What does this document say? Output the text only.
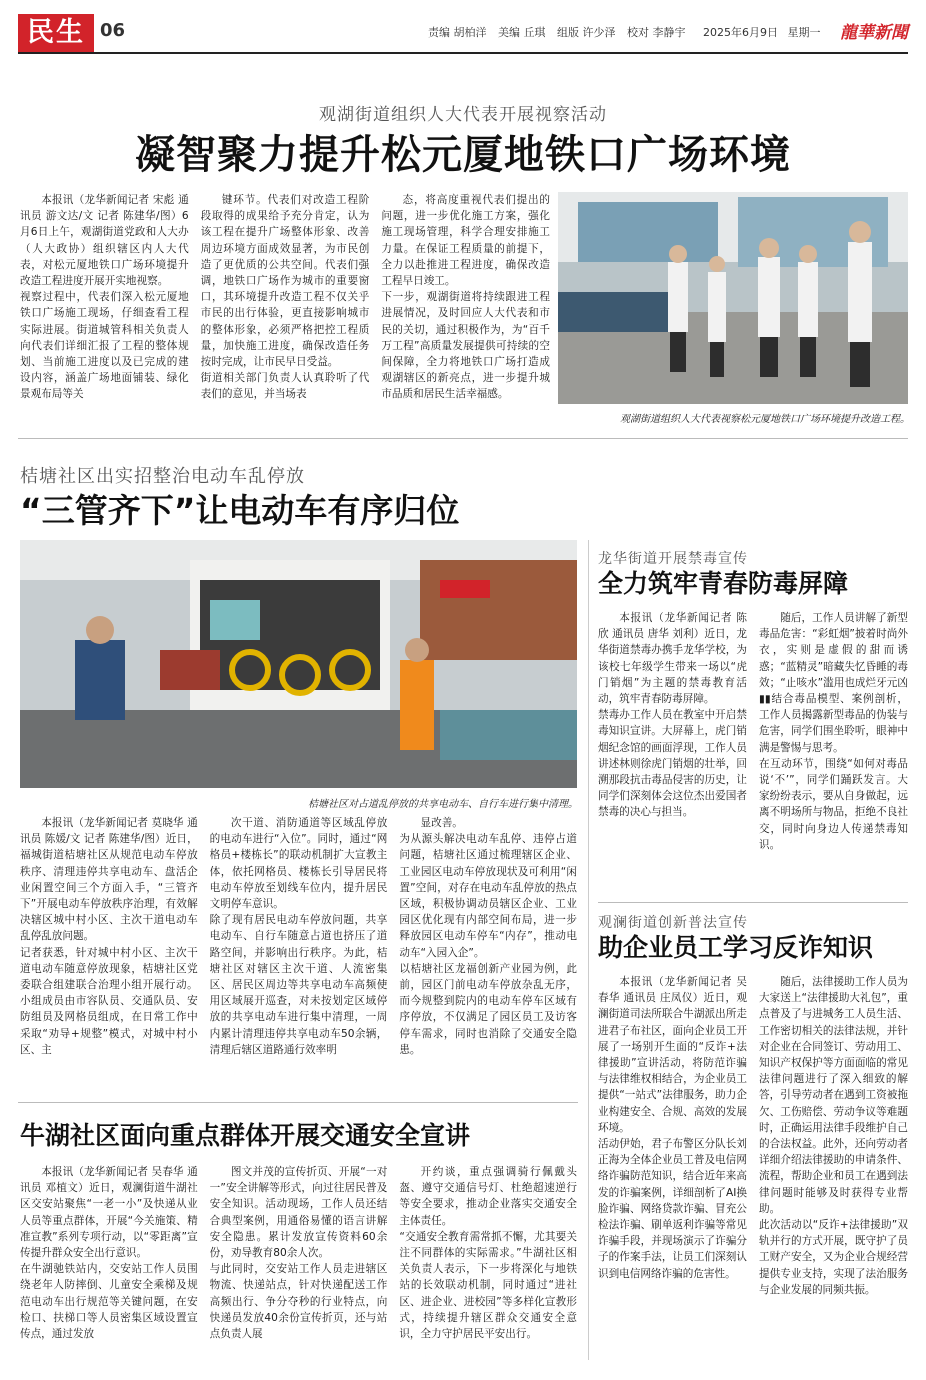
民生 06	责编 胡柏洋 美编 丘琪 组版 许少泽 校对 李静宇 2025年6月9日 星期一 龍華新聞
观湖街道组织人大代表开展视察活动
凝智聚力提升松元厦地铁口广场环境
本报讯（龙华新闻记者 宋彪 通讯员 游文达/文 记者 陈建华/图）6月6日上午，观湖街道党政和人大办（人大政协）组织辖区内人大代表，对松元厦地铁口广场环境提升改造工程进度开展开实地视察。
视察过程中，代表们深入松元厦地铁口广场施工现场，仔细查看工程实际进展。街道城管科相关负责人向代表们详细汇报了工程的整体规划、当前施工进度以及已完成的建设内容，涵盖广场地面铺装、绿化景观布局等关
键环节。代表们对改造工程阶段取得的成果给予充分肯定，认为该工程在提升广场整体形象、改善周边环境方面成效显著，为市民创造了更优质的公共空间。代表们强调，地铁口广场作为城市的重要窗口，其环境提升改造工程不仅关乎市民的出行体验，更直接影响城市的整体形象，必须严格把控工程质量，加快施工进度，确保改造任务按时完成，让市民早日受益。
街道相关部门负责人认真聆听了代表们的意见，并当场表
态，将高度重视代表们提出的问题，进一步优化施工方案，强化施工现场管理，科学合理安排施工力量。在保证工程质量的前提下，全力以赴推进工程进度，确保改造工程早日竣工。
下一步，观湖街道将持续跟进工程进展情况，及时回应人大代表和市民的关切，通过积极作为，为“百千万工程”高质量发展提供可持续的空间保障，全力将地铁口广场打造成观湖辖区的新亮点，进一步提升城市品质和居民生活幸福感。
观湖街道组织人大代表视察松元厦地铁口广场环境提升改造工程。
桔塘社区出实招整治电动车乱停放
“三管齐下”让电动车有序归位
桔塘社区对占道乱停放的共享电动车、自行车进行集中清理。
本报讯（龙华新闻记者 莫晓华 通讯员 陈媛/文 记者 陈建华/图）近日，福城街道桔塘社区从规范电动车停放秩序、清理违停共享电动车、盘活企业闲置空间三个方面入手，“三管齐下”开展电动车停放秩序治理，有效解决辖区城中村小区、主次干道电动车乱停乱放问题。
记者获悉，针对城中村小区、主次干道电动车随意停放现象，桔塘社区党委联合组建联合治理小组开展行动。小组成员由市容队员、交通队员、安防组员及网格员组成，在日常工作中采取“劝导+规整”模式，对城中村小区、主
次干道、消防通道等区域乱停放的电动车进行“入位”。同时，通过“网格员+楼栋长”的联动机制扩大宣教主体，依托网格员、楼栋长引导居民将电动车停放至划线车位内，提升居民文明停车意识。
除了现有居民电动车停放问题，共享电动车、自行车随意占道也挤压了道路空间，并影响出行秩序。为此，桔塘社区对辖区主次干道、人流密集区、居民区周边等共享电动车高频使用区域展开巡查，对未按划定区域停放的共享电动车进行集中清理，一周内累计清理违停共享电动车50余辆，清理后辖区道路通行效率明
显改善。
为从源头解决电动车乱停、违停占道问题，桔塘社区通过梳理辖区企业、工业园区电动车停放现状及可利用“闲置”空间，对存在电动车乱停放的热点区域，积极协调动员辖区企业、工业园区优化现有内部空间布局，进一步释放园区电动车停车“内存”，推动电动车“入园入企”。
以桔塘社区龙福创新产业园为例，此前，园区门前电动车停放杂乱无序，而今规整到院内的电动车停车区域有序停放，不仅满足了园区员工及访客停车需求，同时也消除了交通安全隐患。
龙华街道开展禁毒宣传
全力筑牢青春防毒屏障
本报讯（龙华新闻记者 陈欣 通讯员 唐华 刘利）近日，龙华街道禁毒办携手龙华学校，为该校七年级学生带来一场以“虎门销烟”为主题的禁毒教育活动，筑牢青春防毒屏障。
禁毒办工作人员在教室中开启禁毒知识宣讲。大屏幕上，虎门销烟纪念馆的画面浮现，工作人员讲述林则徐虎门销烟的壮举，回溯那段抗击毒品侵害的历史，让同学们深刻体会这位杰出爱国者禁毒的决心与担当。
随后，工作人员讲解了新型毒品危害：“彩虹烟”披着时尚外衣，实则是虚假的甜而诱惑；“蓝精灵”暗藏失忆昏睡的毒效；“止咳水”滥用也成烂牙元凶▮▮结合毒品模型、案例剖析，工作人员揭露新型毒品的伪装与危害，同学们围坐聆听，眼神中满是警惕与思考。
在互动环节，围绕“如何对毒品说‘不’”，同学们踊跃发言。大家纷纷表示，要从自身做起，远离不明场所与物品，拒绝不良社交，同时向身边人传递禁毒知识。
观澜街道创新普法宣传
助企业员工学习反诈知识
本报讯（龙华新闻记者 吴春华 通讯员 庄凤仪）近日，观澜街道司法所联合牛湖派出所走进君子布社区，面向企业员工开展了一场别开生面的“反诈+法律援助”宣讲活动，将防范诈骗与法律维权相结合，为企业员工提供“一站式”法律服务，助力企业构建安全、合规、高效的发展环境。
活动伊始，君子布警区分队长刘正海为全体企业员工普及电信网络诈骗防范知识，结合近年来高发的诈骗案例，详细剖析了AI换脸诈骗、网络贷款诈骗、冒充公检法诈骗、刷单返利诈骗等常见诈骗手段，并现场演示了诈骗分子的作案手法，让员工们深刻认识到电信网络诈骗的危害性。
随后，法律援助工作人员为大家送上“法律援助大礼包”，重点普及了与进城务工人员生活、工作密切相关的法律法规，并针对企业在合同签订、劳动用工、知识产权保护等方面面临的常见法律问题进行了深入细致的解答，引导劳动者在遇到工资被拖欠、工伤赔偿、劳动争议等难题时，正确运用法律手段维护自己的合法权益。此外，还向劳动者详细介绍法律援助的申请条件、流程，帮助企业和员工在遇到法律问题时能够及时获得专业帮助。
此次活动以“反诈+法律援助”双轨并行的方式开展，既守护了员工财产安全，又为企业合规经营提供专业支持，实现了法治服务与企业发展的同频共振。
牛湖社区面向重点群体开展交通安全宣讲
本报讯（龙华新闻记者 吴春华 通讯员 邓植文）近日，观澜街道牛湖社区交安站聚焦“一老一小”及快递从业人员等重点群体，开展“今关施策、精准宣教”系列专项行动，以“零距离”宣传提升群众安全出行意识。
在牛湖驰铁站内，交安站工作人员围绕老年人防摔倒、儿童安全乘梯及规范电动车出行规范等关键问题，在安检口、扶梯口等人员密集区域设置宣传点，通过发放
图文并茂的宣传折页、开展“一对一”安全讲解等形式，向过往居民普及安全知识。活动现场，工作人员还结合典型案例，用通俗易懂的语言讲解安全隐患。累计发放宣传资料60余份，劝导教育80余人次。
与此同时，交安站工作人员走进辖区物流、快递站点，针对快递配送工作高频出行、争分夺秒的行业特点，向快递员发放40余份宣传折页，还与站点负责人展
开约谈，重点强调骑行佩戴头盔、遵守交通信号灯、杜绝超速逆行等安全要求，推动企业落实交通安全主体责任。
“交通安全教育需常抓不懈，尤其要关注不同群体的实际需求。”牛湖社区相关负责人表示，下一步将深化与地铁站的长效联动机制，同时通过“进社区、进企业、进校园”等多样化宣教形式，持续提升辖区群众交通安全意识，全力守护居民平安出行。
